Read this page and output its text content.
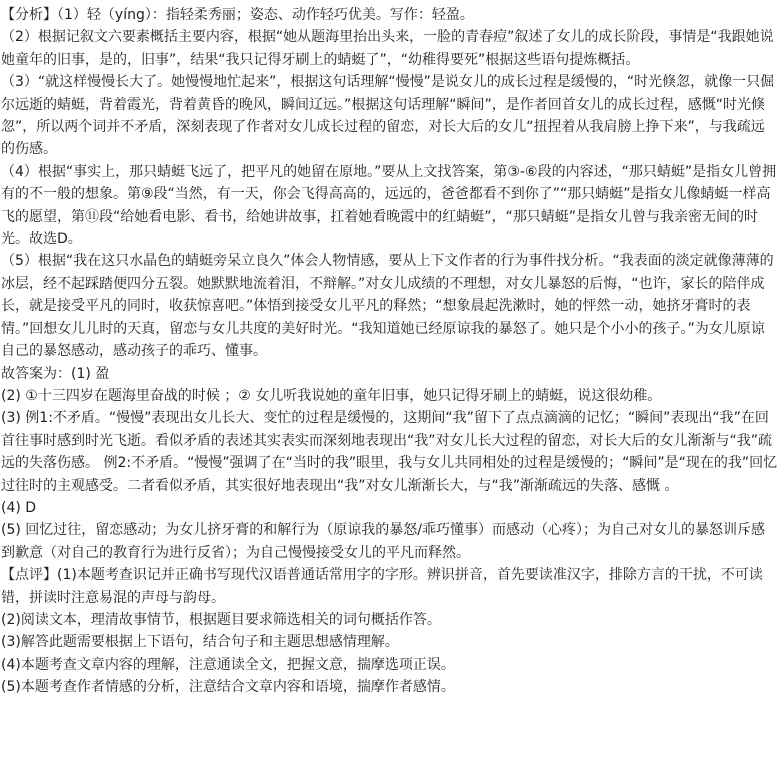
【分析】（1）轻（yíng）：指轻柔秀丽；姿态、动作轻巧优美。写作：轻盈。

（2）根据记叙文六要素概括主要内容，根据“她从题海里抬出头来，一脸的青春痘”叙述了女儿的成长阶段，事情是“我跟她说她童年的旧事，是的，旧事”，结果“我只记得牙刷上的蜻蜓了”，“幼稚得要死”根据这些语句提炼概括。

（3）“就这样慢慢长大了。她慢慢地忙起来”，根据这句话理解“慢慢”是说女儿的成长过程是缓慢的，“时光倏忽，就像一只倔尔远逝的蜻蜓，背着霞光，背着黄昏的晚风，瞬间辽远。”根据这句话理解“瞬间”，是作者回首女儿的成长过程，感慨“时光倏忽”，所以两个词并不矛盾，深刻表现了作者对女儿成长过程的留恋，对长大后的女儿“扭捏着从我肩膀上挣下来”，与我疏远的伤感。

（4）根据“事实上，那只蜻蜓飞远了，把平凡的她留在原地。”要从上文找答案，第③-⑥段的内容述，“那只蜻蜓”是指女儿曾拥有的不一般的想象。第⑨段“当然，有一天，你会飞得高高的，远远的，爸爸都看不到你了”“那只蜻蜓”是指女儿像蜻蜓一样高飞的愿望，第⑪段“给她看电影、看书，给她讲故事，扛着她看晚霞中的红蜻蜓”，“那只蜻蜓”是指女儿曾与我亲密无间的时光。故选D。

（5）根据“我在这只水晶色的蜻蜓旁呆立良久”体会人物情感，要从上下文作者的行为事件找分析。“我表面的淡定就像薄薄的冰层，经不起踩踏便四分五裂。她默默地流着泪，不辩解。”对女儿成绩的不理想，对女儿暴怒的后悔，“也许，家长的陪伴成长，就是接受平凡的同时，收获惊喜吧。”体悟到接受女儿平凡的释然；“想象晨起洗漱时，她的怦然一动，她挤牙膏时的表情。”回想女儿儿时的天真，留恋与女儿共度的美好时光。“我知道她已经原谅我的暴怒了。她只是个小小的孩子。”为女儿原谅自己的暴怒感动，感动孩子的乖巧、懂事。

故答案为：(1) 盈

(2) ①十三四岁在题海里奋战的时候 ；② 女儿听我说她的童年旧事，她只记得牙刷上的蜻蜓，说这很幼稚。

(3) 例1:不矛盾。“慢慢”表现出女儿长大、变忙的过程是缓慢的，这期间“我”留下了点点滴滴的记忆；“瞬间”表现出“我”在回首往事时感到时光飞逝。看似矛盾的表述其实表实而深刻地表现出“我”对女儿长大过程的留恋，对长大后的女儿渐渐与“我”疏远的失落伤感。 例2:不矛盾。“慢慢”强调了在“当时的我”眼里，我与女儿共同相处的过程是缓慢的；“瞬间”是“现在的我”回忆过往时的主观感受。二者看似矛盾，其实很好地表现出“我”对女儿渐渐长大，与“我”渐渐疏远的失落、感慨 。

(4) D

(5) 回忆过往，留恋感动；为女儿挤牙膏的和解行为（原谅我的暴怒/乖巧懂事）而感动（心疼）；为自己对女儿的暴怒训斥感到歉意（对自己的教育行为进行反省）；为自己慢慢接受女儿的平凡而释然。

【点评】(1)本题考查识记并正确书写现代汉语普通话常用字的字形。辨识拼音，首先要读准汉字，排除方言的干扰，不可读错，拼读时注意易混的声母与韵母。

(2)阅读文本，理清故事情节，根据题目要求筛选相关的词句概括作答。

(3)解答此题需要根据上下语句，结合句子和主题思想感情理解。

(4)本题考查文章内容的理解，注意通读全文，把握文意，揣摩选项正误。

(5)本题考查作者情感的分析，注意结合文章内容和语境，揣摩作者感情。
